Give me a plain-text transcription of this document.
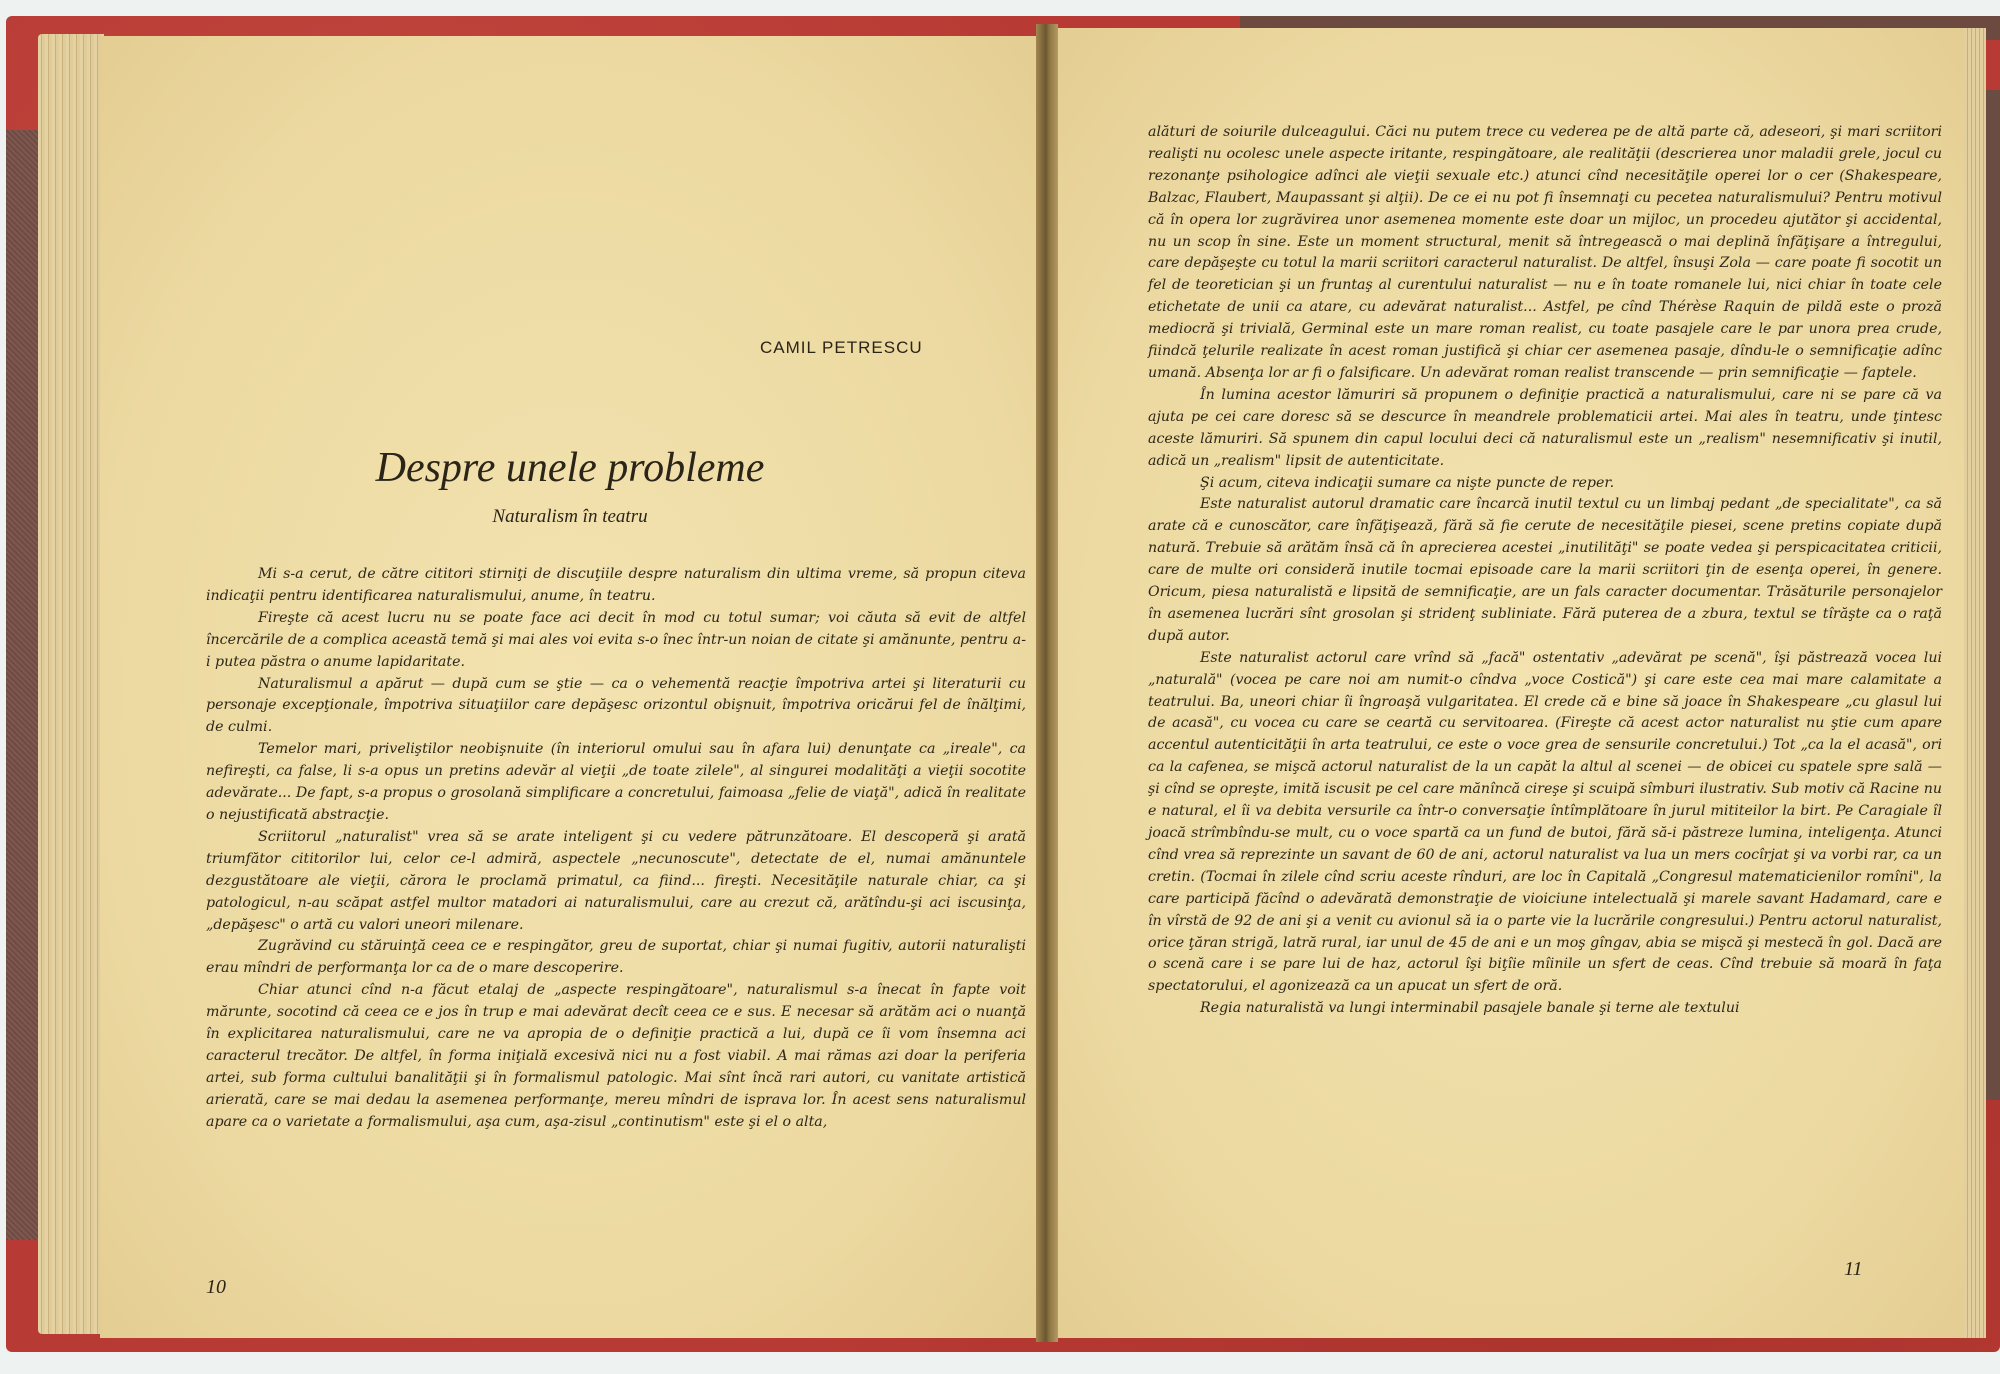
CAMIL PETRESCU
Despre unele probleme
Naturalism în teatru

Mi s-a cerut, de către cititori stirniţi de discuţiile despre naturalism din ultima vreme, să propun citeva indicaţii pentru identificarea naturalismului, anume, în teatru.

Fireşte că acest lucru nu se poate face aci decit în mod cu totul sumar; voi căuta să evit de altfel încercările de a complica această temă şi mai ales voi evita s-o înec într-un noian de citate şi amănunte, pentru a-i putea păstra o anume lapidaritate.

Naturalismul a apărut — după cum se ştie — ca o vehementă reacţie împotriva artei şi literaturii cu personaje excepţionale, împotriva situaţiilor care depăşesc orizontul obişnuit, împotriva oricărui fel de înălţimi, de culmi.

Temelor mari, priveliştilor neobişnuite (în interiorul omului sau în afara lui) denunţate ca „ireale", ca nefireşti, ca false, li s-a opus un pretins adevăr al vieţii „de toate zilele", al singurei modalităţi a vieţii socotite adevărate... De fapt, s-a propus o grosolană simplificare a concretului, faimoasa „felie de viaţă", adică în realitate o nejustificată abstracţie.

Scriitorul „naturalist" vrea să se arate inteligent şi cu vedere pătrunzătoare. El descoperă şi arată triumfător cititorilor lui, celor ce-l admiră, aspectele „necunoscute", detectate de el, numai amănuntele dezgustătoare ale vieţii, cărora le proclamă primatul, ca fiind... fireşti. Necesităţile naturale chiar, ca şi patologicul, n-au scăpat astfel multor matadori ai naturalismului, care au crezut că, arătîndu-şi aci iscusinţa, „depăşesc" o artă cu valori uneori milenare.

Zugrăvind cu stăruinţă ceea ce e respingător, greu de suportat, chiar şi numai fugitiv, autorii naturalişti erau mîndri de performanţa lor ca de o mare descoperire.

Chiar atunci cînd n-a făcut etalaj de „aspecte respingătoare", naturalismul s-a înecat în fapte voit mărunte, socotind că ceea ce e jos în trup e mai adevărat decît ceea ce e sus. E necesar să arătăm aci o nuanţă în explicitarea naturalismului, care ne va apropia de o definiţie practică a lui, după ce îi vom însemna aci caracterul trecător. De altfel, în forma iniţială excesivă nici nu a fost viabil. A mai rămas azi doar la periferia artei, sub forma cultului banalităţii şi în formalismul patologic. Mai sînt încă rari autori, cu vanitate artistică arierată, care se mai dedau la asemenea performanţe, mereu mîndri de isprava lor. În acest sens naturalismul apare ca o varietate a formalismului, aşa cum, aşa-zisul „continutism" este şi el o alta,

10

alături de soiurile dulceagului. Căci nu putem trece cu vederea pe de altă parte că, adeseori, şi mari scriitori realişti nu ocolesc unele aspecte iritante, respingătoare, ale realităţii (descrierea unor maladii grele, jocul cu rezonanţe psihologice adînci ale vieţii sexuale etc.) atunci cînd necesităţile operei lor o cer (Shakespeare, Balzac, Flaubert, Maupassant şi alţii). De ce ei nu pot fi însemnaţi cu pecetea naturalismului? Pentru motivul că în opera lor zugrăvirea unor asemenea momente este doar un mijloc, un procedeu ajutător şi accidental, nu un scop în sine. Este un moment structural, menit să întregească o mai deplină înfăţişare a întregului, care depăşeşte cu totul la marii scriitori caracterul naturalist. De altfel, însuşi Zola — care poate fi socotit un fel de teoretician şi un fruntaş al curentului naturalist — nu e în toate romanele lui, nici chiar în toate cele etichetate de unii ca atare, cu adevărat naturalist... Astfel, pe cînd Thérèse Raquin de pildă este o proză mediocră şi trivială, Germinal este un mare roman realist, cu toate pasajele care le par unora prea crude, fiindcă ţelurile realizate în acest roman justifică şi chiar cer asemenea pasaje, dîndu-le o semnificaţie adînc umană. Absenţa lor ar fi o falsificare. Un adevărat roman realist transcende — prin semnificaţie — faptele.

În lumina acestor lămuriri să propunem o definiţie practică a naturalismului, care ni se pare că va ajuta pe cei care doresc să se descurce în meandrele problematicii artei. Mai ales în teatru, unde ţintesc aceste lămuriri. Să spunem din capul locului deci că naturalismul este un „realism" nesemnificativ şi inutil, adică un „realism" lipsit de autenticitate.

Şi acum, citeva indicaţii sumare ca nişte puncte de reper.

Este naturalist autorul dramatic care încarcă inutil textul cu un limbaj pedant „de specialitate", ca să arate că e cunoscător, care înfăţişează, fără să fie cerute de necesităţile piesei, scene pretins copiate după natură. Trebuie să arătăm însă că în aprecierea acestei „inutilităţi" se poate vedea şi perspicacitatea criticii, care de multe ori consideră inutile tocmai episoade care la marii scriitori ţin de esenţa operei, în genere. Oricum, piesa naturalistă e lipsită de semnificaţie, are un fals caracter documentar. Trăsăturile personajelor în asemenea lucrări sînt grosolan şi stridenţ subliniate. Fără puterea de a zbura, textul se tîrăşte ca o raţă după autor.

Este naturalist actorul care vrînd să „facă" ostentativ „adevărat pe scenă", îşi păstrează vocea lui „naturală" (vocea pe care noi am numit-o cîndva „voce Costică") şi care este cea mai mare calamitate a teatrului. Ba, uneori chiar îi îngroaşă vulgaritatea. El crede că e bine să joace în Shakespeare „cu glasul lui de acasă", cu vocea cu care se ceartă cu servitoarea. (Fireşte că acest actor naturalist nu ştie cum apare accentul autenticităţii în arta teatrului, ce este o voce grea de sensurile concretului.) Tot „ca la el acasă", ori ca la cafenea, se mişcă actorul naturalist de la un capăt la altul al scenei — de obicei cu spatele spre sală — şi cînd se opreşte, imită iscusit pe cel care mănîncă cireşe şi scuipă sîmburi ilustrativ. Sub motiv că Racine nu e natural, el îi va debita versurile ca într-o conversaţie întîmplătoare în jurul mititeilor la birt. Pe Caragiale îl joacă strîmbîndu-se mult, cu o voce spartă ca un fund de butoi, fără să-i păstreze lumina, inteligenţa. Atunci cînd vrea să reprezinte un savant de 60 de ani, actorul naturalist va lua un mers cocîrjat şi va vorbi rar, ca un cretin. (Tocmai în zilele cînd scriu aceste rînduri, are loc în Capitală „Congresul matematicienilor romîni", la care participă făcînd o adevărată demonstraţie de vioiciune intelectuală şi marele savant Hadamard, care e în vîrstă de 92 de ani şi a venit cu avionul să ia o parte vie la lucrările congresului.) Pentru actorul naturalist, orice ţăran strigă, latră rural, iar unul de 45 de ani e un moş gîngav, abia se mişcă şi mestecă în gol. Dacă are o scenă care i se pare lui de haz, actorul îşi biţîie mîinile un sfert de ceas. Cînd trebuie să moară în faţa spectatorului, el agonizează ca un apucat un sfert de oră.

Regia naturalistă va lungi interminabil pasajele banale şi terne ale textului

11
